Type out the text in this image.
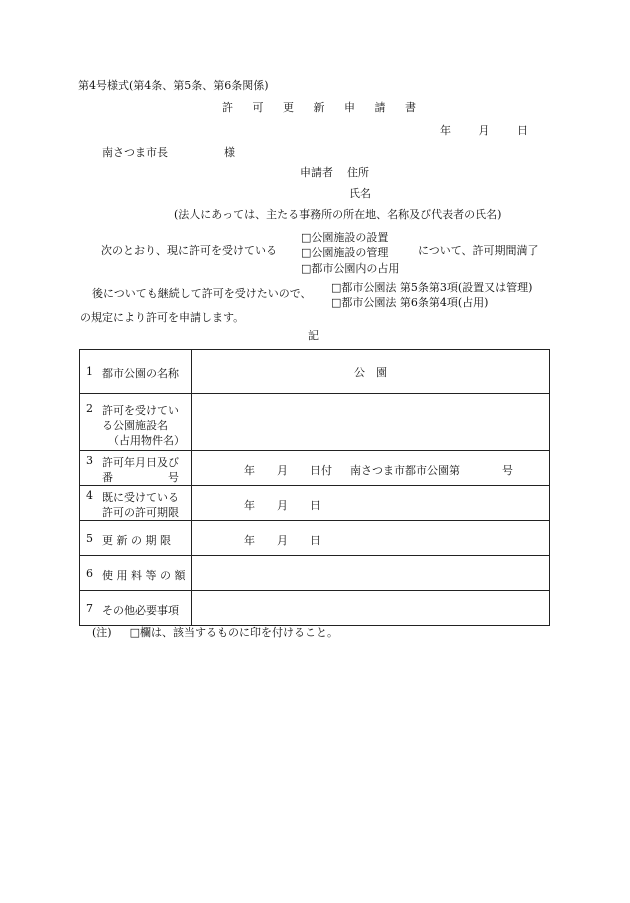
第4号様式(第4条、第5条、第6条関係)
許 可 更 新 申 請 書
年 月 日
南さつま市長	様
申請者 住所
氏名
(法人にあっては、主たる事務所の所在地、名称及び代表者の氏名)
□公園施設の設置
次のとおり、現に許可を受けている □公園施設の管理	について、許可期間満了
□都市公園内の占用
後についても継続して許可を受けたいので、 □都市公園法 第5条第3項(設置又は管理)
□都市公園法 第6条第4項(占用)
の規定により許可を申請します。
記
1 都市公園の名称	公　園

2 許可を受けてい
る公園施設名
（占用物件名）	

3 許可年月日及び
番　　　　　号	年　　月　　日付 南さつま市都市公園第 号

4 既に受けている
許可の許可期限	年　　月　　日

5 更 新 の 期 限	年　　月　　日

6 使 用 料 等 の 額	

7 その他必要事項	

(注) □欄は、該当するものに印を付けること。
